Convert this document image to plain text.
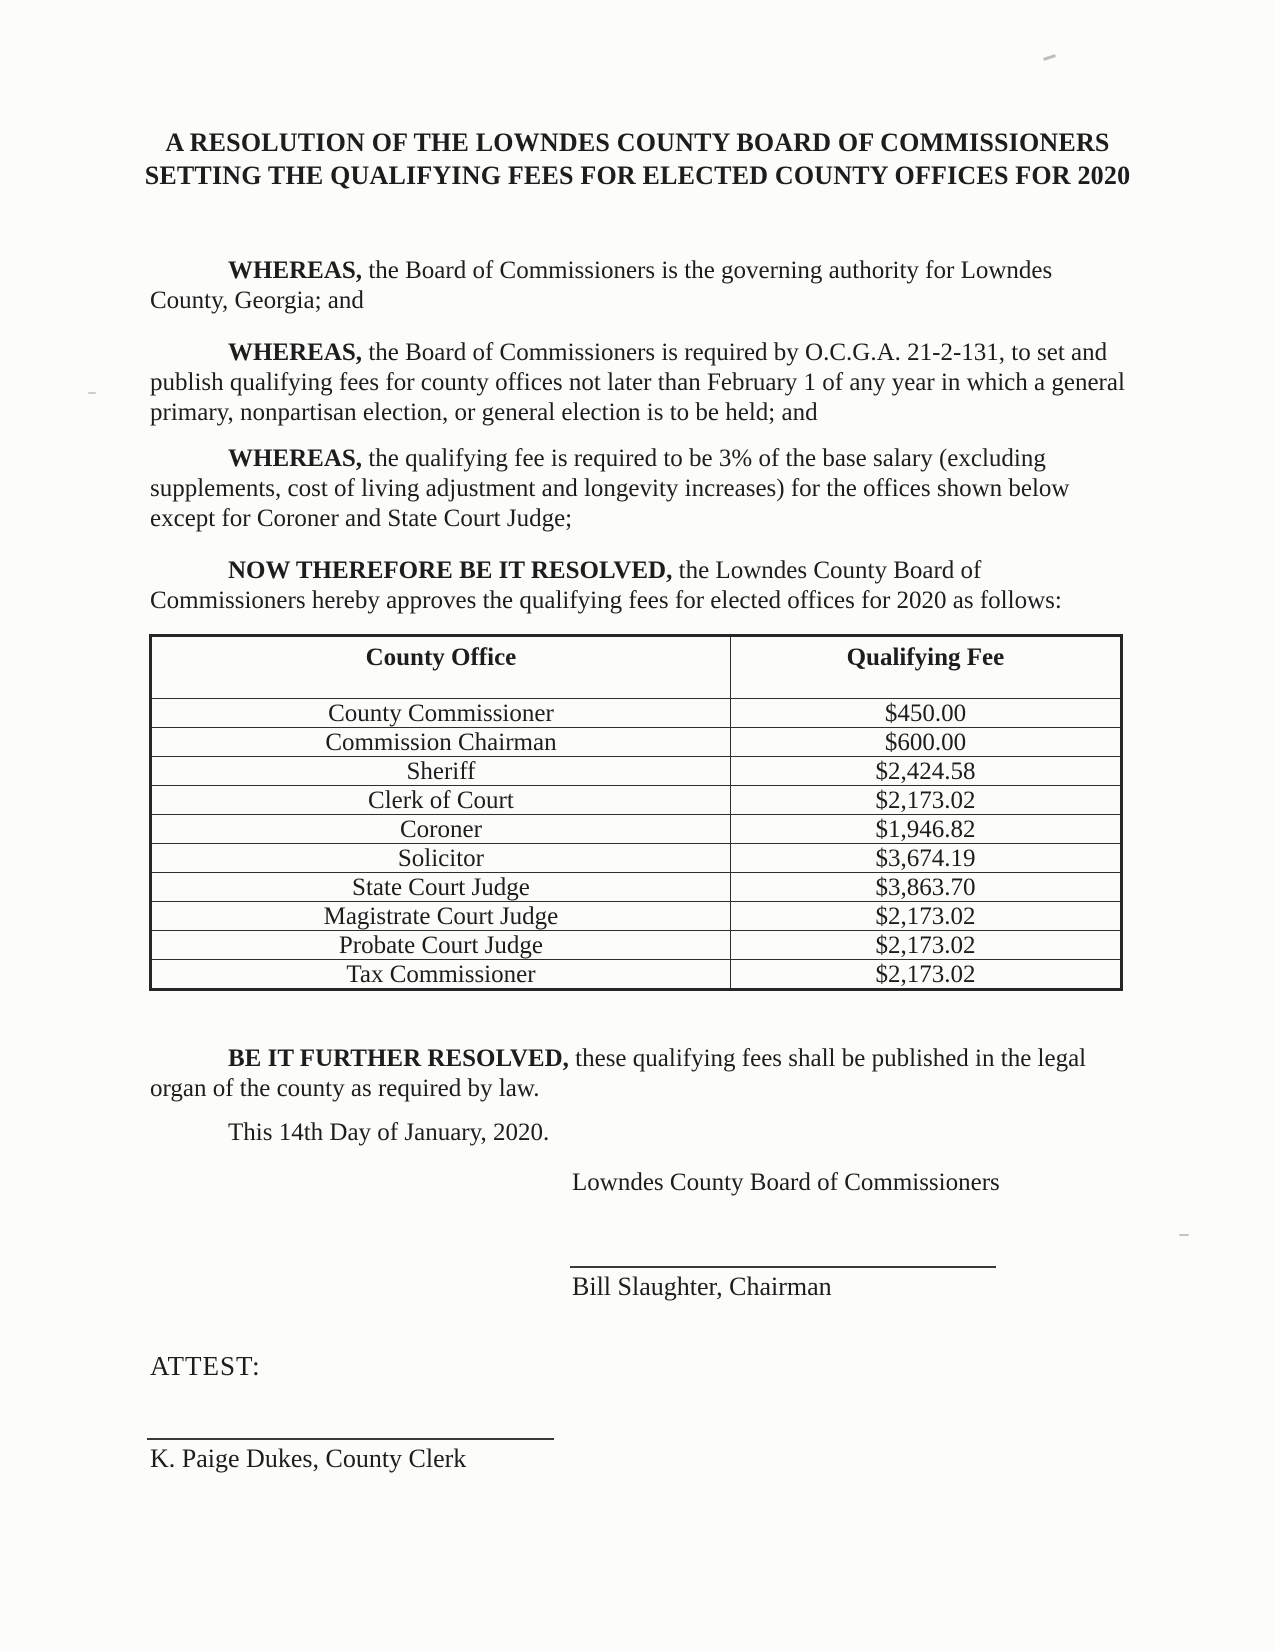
A RESOLUTION OF THE LOWNDES COUNTY BOARD OF COMMISSIONERS
SETTING THE QUALIFYING FEES FOR ELECTED COUNTY OFFICES FOR 2020

WHEREAS, the Board of Commissioners is the governing authority for Lowndes County, Georgia; and

WHEREAS, the Board of Commissioners is required by O.C.G.A. 21-2-131, to set and publish qualifying fees for county offices not later than February 1 of any year in which a general primary, nonpartisan election, or general election is to be held; and

WHEREAS, the qualifying fee is required to be 3% of the base salary (excluding supplements, cost of living adjustment and longevity increases) for the offices shown below except for Coroner and State Court Judge;

NOW THEREFORE BE IT RESOLVED, the Lowndes County Board of Commissioners hereby approves the qualifying fees for elected offices for 2020 as follows:

County Office	Qualifying Fee
County Commissioner	$450.00
Commission Chairman	$600.00
Sheriff	$2,424.58
Clerk of Court	$2,173.02
Coroner	$1,946.82
Solicitor	$3,674.19
State Court Judge	$3,863.70
Magistrate Court Judge	$2,173.02
Probate Court Judge	$2,173.02
Tax Commissioner	$2,173.02

BE IT FURTHER RESOLVED, these qualifying fees shall be published in the legal organ of the county as required by law.

This 14th Day of January, 2020.

Lowndes County Board of Commissioners
Bill Slaughter, Chairman
ATTEST:
K. Paige Dukes, County Clerk
